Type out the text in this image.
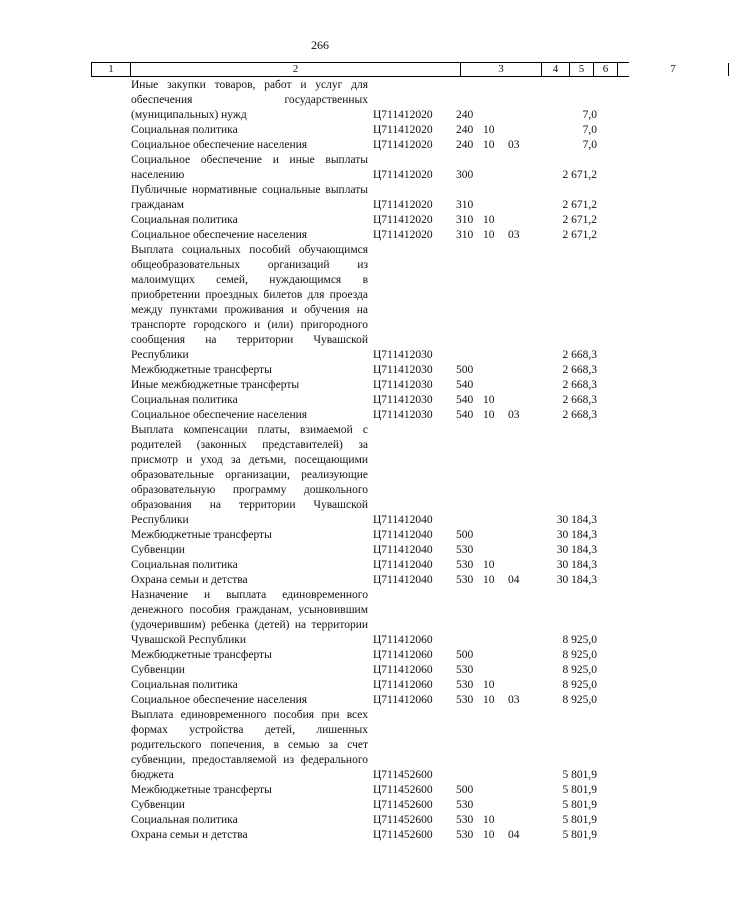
266
1	2	3	4	5	6	7
Иные закупки товаров, работ и услуг для обеспечения государственных (муниципальных) нужд	Ц711412020 240	7,0
Социальная политика	Ц711412020 240 10	7,0
Социальное обеспечение населения	Ц711412020 240 10 03	7,0
Социальное обеспечение и иные выплаты населению	Ц711412020 300	2 671,2
Публичные нормативные социальные выплаты гражданам	Ц711412020 310	2 671,2
Социальная политика	Ц711412020 310 10	2 671,2
Социальное обеспечение населения	Ц711412020 310 10 03	2 671,2
Выплата социальных пособий обучающимся общеобразовательных организаций из малоимущих семей, нуждающимся в приобретении проездных билетов для проезда между пунктами проживания и обучения на транспорте городского и (или) пригородного сообщения на территории Чувашской Республики	Ц711412030	2 668,3
Межбюджетные трансферты	Ц711412030 500	2 668,3
Иные межбюджетные трансферты	Ц711412030 540	2 668,3
Социальная политика	Ц711412030 540 10	2 668,3
Социальное обеспечение населения	Ц711412030 540 10 03	2 668,3
Выплата компенсации платы, взимаемой с родителей (законных представителей) за присмотр и уход за детьми, посещающими образовательные организации, реализующие образовательную программу дошкольного образования на территории Чувашской Республики	Ц711412040	30 184,3
Межбюджетные трансферты	Ц711412040 500	30 184,3
Субвенции	Ц711412040 530	30 184,3
Социальная политика	Ц711412040 530 10	30 184,3
Охрана семьи и детства	Ц711412040 530 10 04	30 184,3
Назначение и выплата единовременного денежного пособия гражданам, усыновившим (удочерившим) ребенка (детей) на территории Чувашской Республики	Ц711412060	8 925,0
Межбюджетные трансферты	Ц711412060 500	8 925,0
Субвенции	Ц711412060 530	8 925,0
Социальная политика	Ц711412060 530 10	8 925,0
Социальное обеспечение населения	Ц711412060 530 10 03	8 925,0
Выплата единовременного пособия при всех формах устройства детей, лишенных родительского попечения, в семью за счет субвенции, предоставляемой из федерального бюджета	Ц711452600	5 801,9
Межбюджетные трансферты	Ц711452600 500	5 801,9
Субвенции	Ц711452600 530	5 801,9
Социальная политика	Ц711452600 530 10	5 801,9
Охрана семьи и детства	Ц711452600 530 10 04	5 801,9
